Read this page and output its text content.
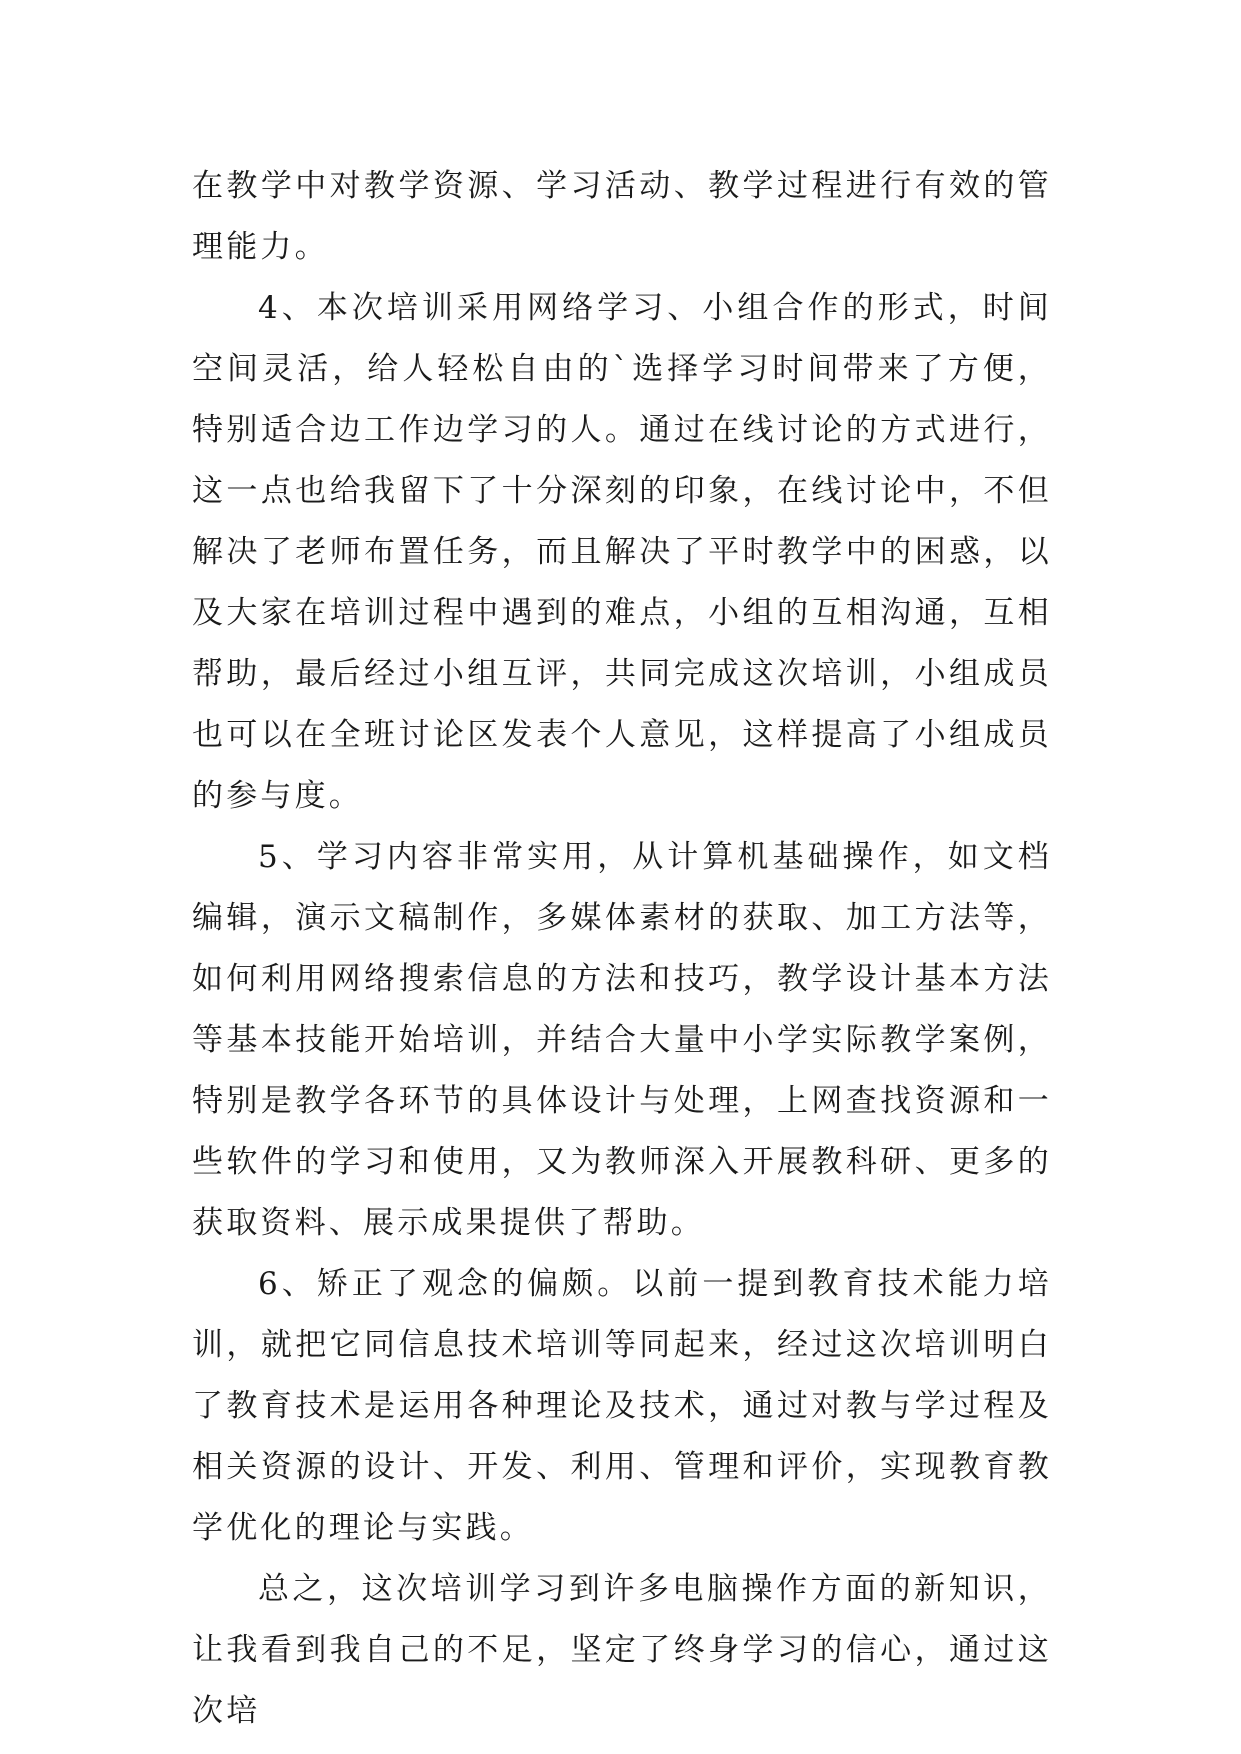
在教学中对教学资源、学习活动、教学过程进行有效的管理能力。

4、本次培训采用网络学习、小组合作的形式，时间空间灵活，给人轻松自由的`选择学习时间带来了方便，特别适合边工作边学习的人。通过在线讨论的方式进行，这一点也给我留下了十分深刻的印象，在线讨论中，不但解决了老师布置任务，而且解决了平时教学中的困惑，以及大家在培训过程中遇到的难点，小组的互相沟通，互相帮助，最后经过小组互评，共同完成这次培训，小组成员也可以在全班讨论区发表个人意见，这样提高了小组成员的参与度。

5、学习内容非常实用，从计算机基础操作，如文档编辑，演示文稿制作，多媒体素材的获取、加工方法等，如何利用网络搜索信息的方法和技巧，教学设计基本方法等基本技能开始培训，并结合大量中小学实际教学案例，特别是教学各环节的具体设计与处理，上网查找资源和一些软件的学习和使用，又为教师深入开展教科研、更多的获取资料、展示成果提供了帮助。

6、矫正了观念的偏颇。以前一提到教育技术能力培训，就把它同信息技术培训等同起来，经过这次培训明白了教育技术是运用各种理论及技术，通过对教与学过程及相关资源的设计、开发、利用、管理和评价，实现教育教学优化的理论与实践。

总之，这次培训学习到许多电脑操作方面的新知识，让我看到我自己的不足，坚定了终身学习的信心，通过这次培
